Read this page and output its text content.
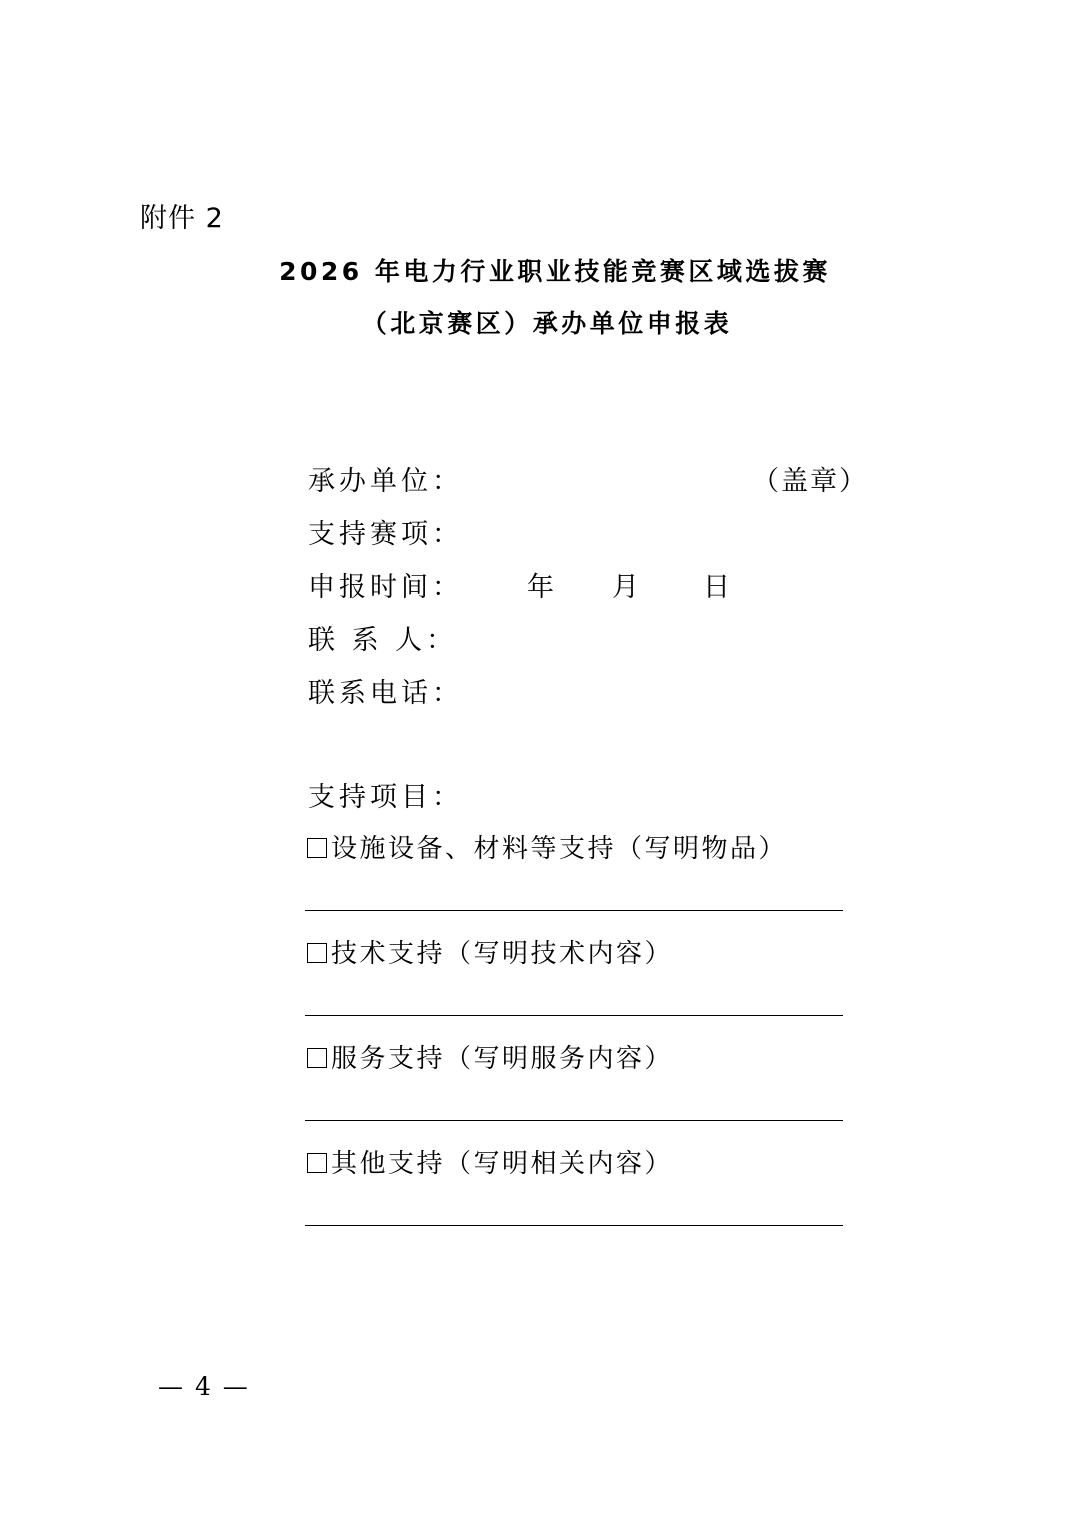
附件 2
2026 年电力行业职业技能竞赛区域选拔赛
（北京赛区）承办单位申报表
承办单位：	（盖章）
支持赛项：
申报时间： 年 月 日
联 系 人：
联系电话：
支持项目：
设施设备、材料等支持（写明物品）
技术支持（写明技术内容）
服务支持（写明服务内容）
其他支持（写明相关内容）
— 4 —
